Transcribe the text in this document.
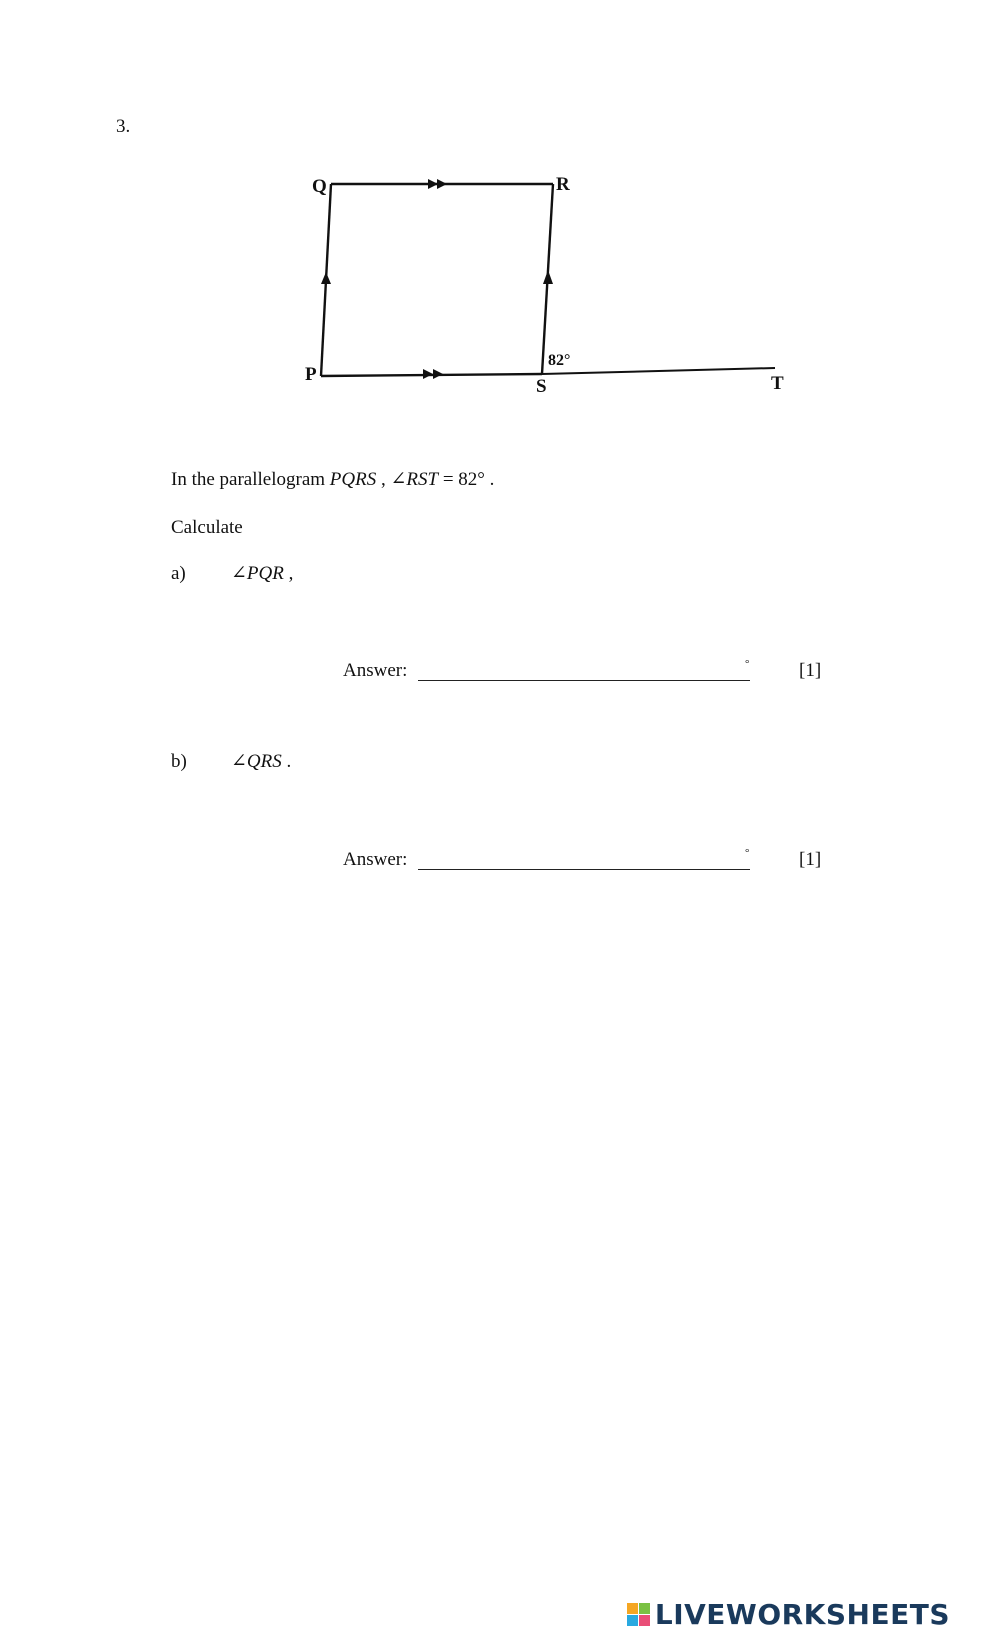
3.
Q	R
P
S	T
82°
In the parallelogram PQRS , ∠RST = 82° .
Calculate
a) ∠PQR ,
Answer:	°	[1]
b) ∠QRS .
Answer:	°	[1]
LIVEWORKSHEETS
